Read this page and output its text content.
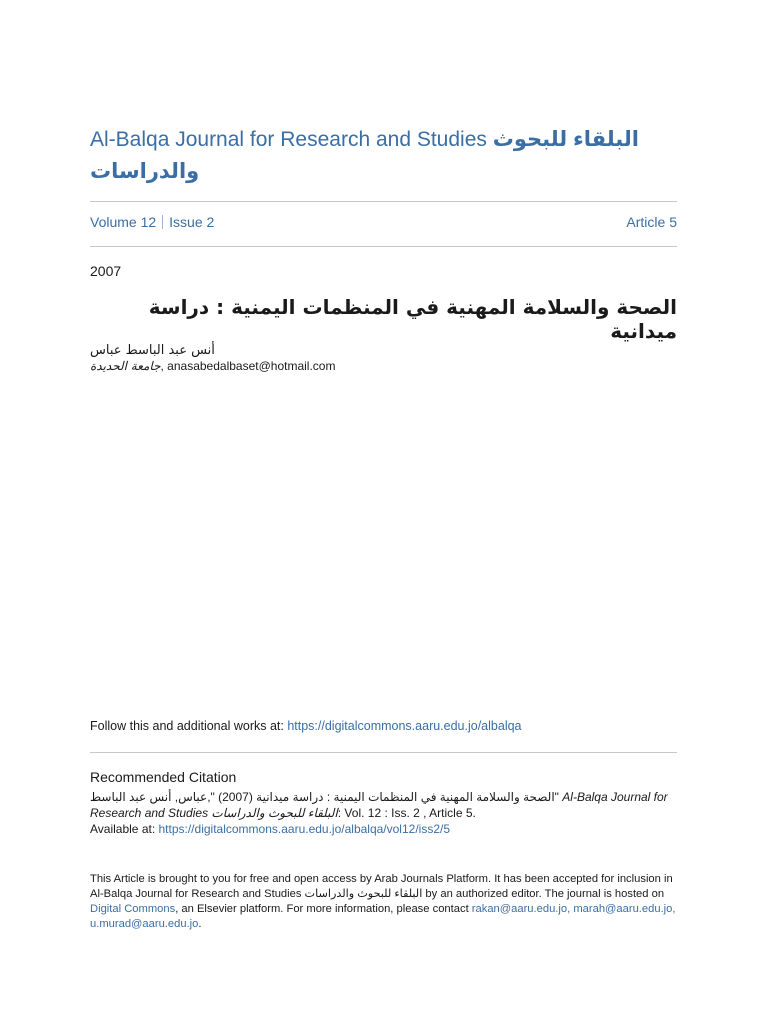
Al-Balqa Journal for Research and Studies البلقاء للبحوث والدراسات
Volume 12 Issue 2	Article 5
2007
الصحة والسلامة المهنية في المنظمات اليمنية : دراسة ميدانية
أنس عبد الباسط عباس
جامعة الحديدة, anasabedalbaset@hotmail.com
Follow this and additional works at: https://digitalcommons.aaru.edu.jo/albalqa
Recommended Citation
عباس, أنس عبد الباسط," (2007) "الصحة والسلامة المهنية في المنظمات اليمنية : دراسة ميدانية Al-Balqa Journal for Research and Studies البلقاء للبحوث والدراسات: Vol. 12 : Iss. 2 , Article 5.
Available at: https://digitalcommons.aaru.edu.jo/albalqa/vol12/iss2/5
This Article is brought to you for free and open access by Arab Journals Platform. It has been accepted for inclusion in Al-Balqa Journal for Research and Studies البلقاء للبحوث والدراسات by an authorized editor. The journal is hosted on Digital Commons, an Elsevier platform. For more information, please contact rakan@aaru.edu.jo, marah@aaru.edu.jo, u.murad@aaru.edu.jo.
